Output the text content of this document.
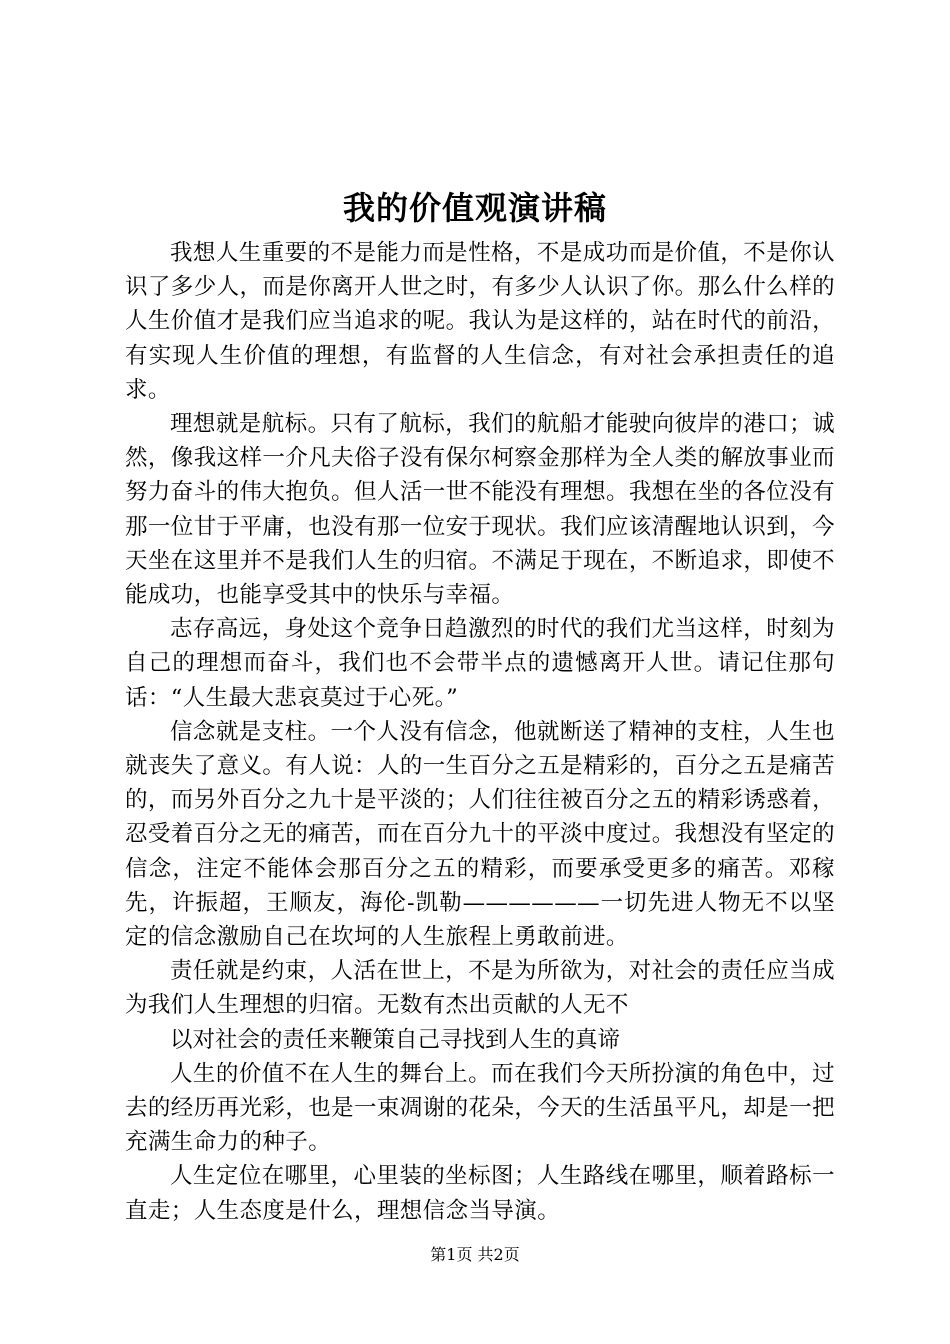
我的价值观演讲稿

我想人生重要的不是能力而是性格，不是成功而是价值，不是你认识了多少人，而是你离开人世之时，有多少人认识了你。那么什么样的人生价值才是我们应当追求的呢。我认为是这样的，站在时代的前沿，有实现人生价值的理想，有监督的人生信念，有对社会承担责任的追求。

理想就是航标。只有了航标，我们的航船才能驶向彼岸的港口；诚然，像我这样一介凡夫俗子没有保尔柯察金那样为全人类的解放事业而努力奋斗的伟大抱负。但人活一世不能没有理想。我想在坐的各位没有那一位甘于平庸，也没有那一位安于现状。我们应该清醒地认识到，今天坐在这里并不是我们人生的归宿。不满足于现在，不断追求，即使不能成功，也能享受其中的快乐与幸福。

志存高远，身处这个竞争日趋激烈的时代的我们尤当这样，时刻为自己的理想而奋斗，我们也不会带半点的遗憾离开人世。请记住那句话：“人生最大悲哀莫过于心死。”

信念就是支柱。一个人没有信念，他就断送了精神的支柱，人生也就丧失了意义。有人说：人的一生百分之五是精彩的，百分之五是痛苦的，而另外百分之九十是平淡的；人们往往被百分之五的精彩诱惑着，忍受着百分之无的痛苦，而在百分九十的平淡中度过。我想没有坚定的信念，注定不能体会那百分之五的精彩，而要承受更多的痛苦。邓稼先，许振超，王顺友，海伦-凯勒——————一切先进人物无不以坚定的信念激励自己在坎坷的人生旅程上勇敢前进。

责任就是约束，人活在世上，不是为所欲为，对社会的责任应当成为我们人生理想的归宿。无数有杰出贡献的人无不

以对社会的责任来鞭策自己寻找到人生的真谛

人生的价值不在人生的舞台上。而在我们今天所扮演的角色中，过去的经历再光彩，也是一束凋谢的花朵，今天的生活虽平凡，却是一把充满生命力的种子。

人生定位在哪里，心里装的坐标图；人生路线在哪里，顺着路标一直走；人生态度是什么，理想信念当导演。

第1页 共2页
